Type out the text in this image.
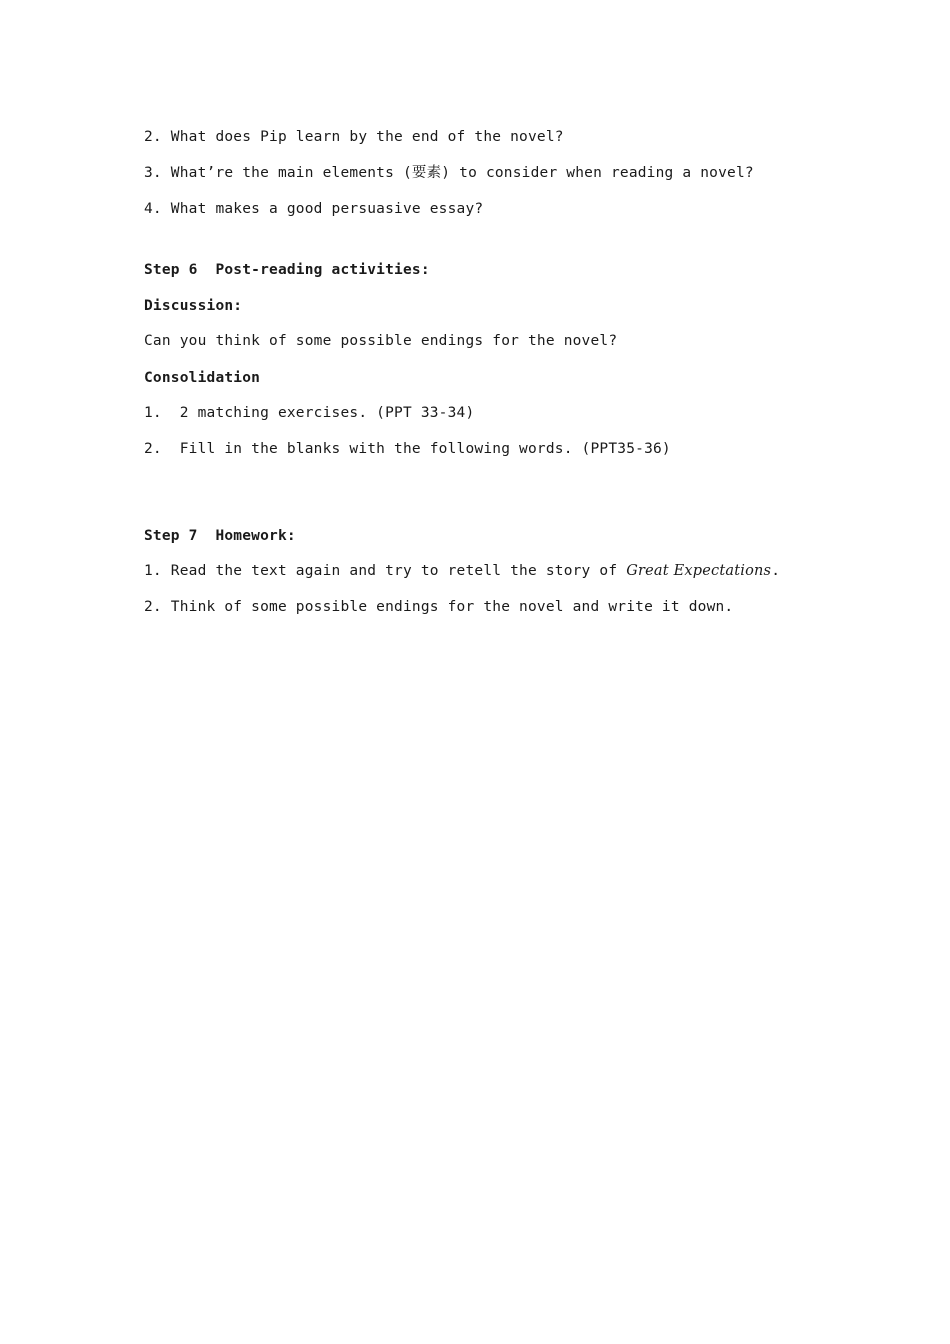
2. What does Pip learn by the end of the novel?
3. What’re the main elements (要素) to consider when reading a novel?
4. What makes a good persuasive essay?
Step 6  Post-reading activities:
Discussion:
Can you think of some possible endings for the novel?
Consolidation
1.  2 matching exercises. (PPT 33-34)
2.  Fill in the blanks with the following words. (PPT35-36)
Step 7  Homework:
1. Read the text again and try to retell the story of Great Expectations.
2. Think of some possible endings for the novel and write it down.
